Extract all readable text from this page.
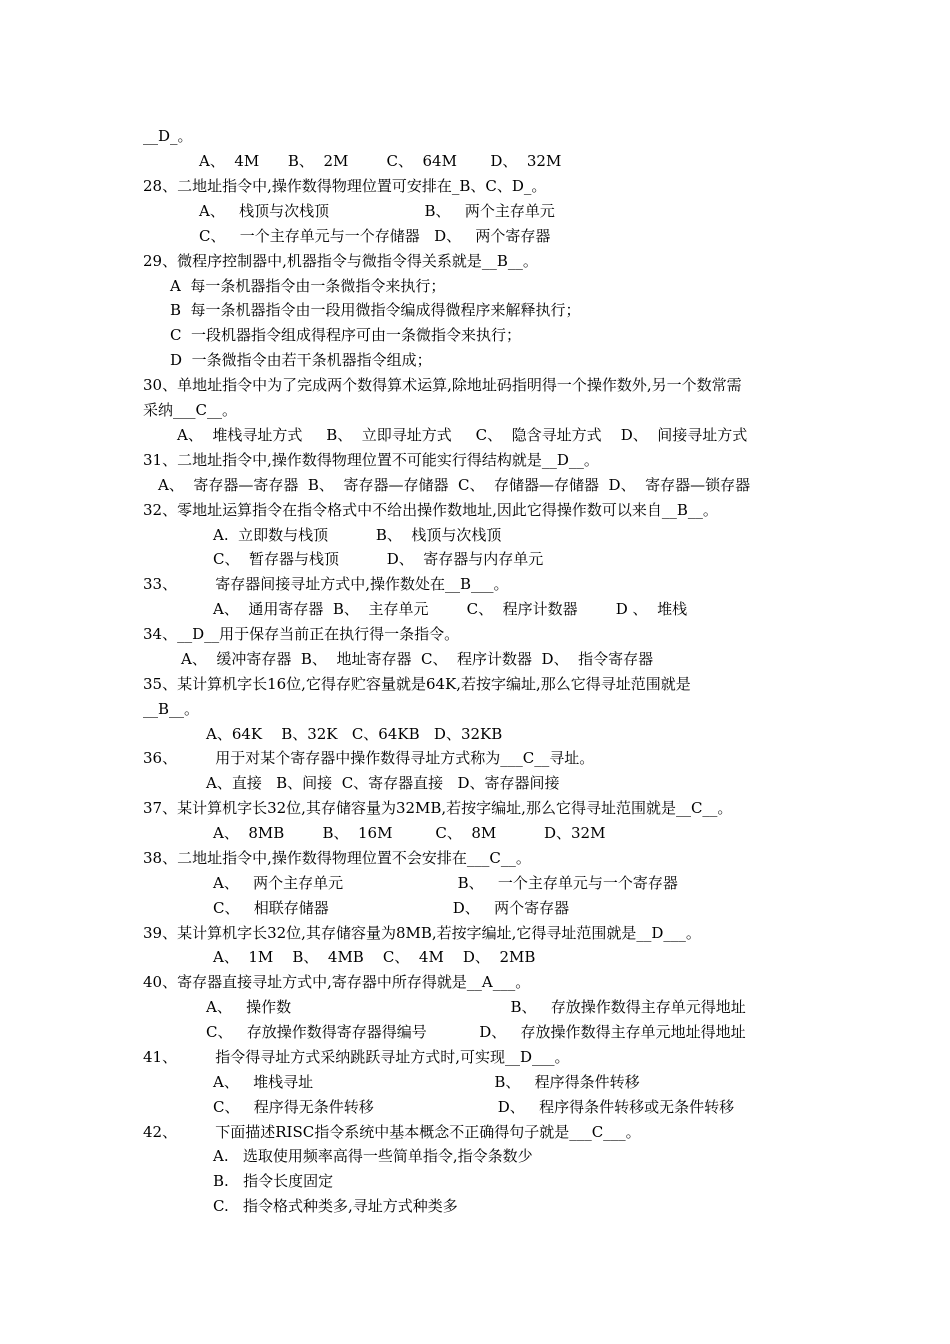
__D_。
A、  4M      B、  2M        C、  64M       D、  32M
28、二地址指令中,操作数得物理位置可安排在_B、C、D_。
A、   栈顶与次栈顶                    B、   两个主存单元
C、   一个主存单元与一个存储器   D、   两个寄存器
29、微程序控制器中,机器指令与微指令得关系就是__B__。
A  每一条机器指令由一条微指令来执行；
B  每一条机器指令由一段用微指令编成得微程序来解释执行；
C  一段机器指令组成得程序可由一条微指令来执行；
D  一条微指令由若干条机器指令组成；
30、单地址指令中为了完成两个数得算术运算,除地址码指明得一个操作数外,另一个数常需
采纳___C__。
A、  堆栈寻址方式     B、  立即寻址方式     C、  隐含寻址方式    D、  间接寻址方式
31、二地址指令中,操作数得物理位置不可能实行得结构就是__D__。
A、  寄存器—寄存器  B、  寄存器—存储器  C、  存储器—存储器  D、  寄存器—锁存器
32、零地址运算指令在指令格式中不给出操作数地址,因此它得操作数可以来自__B__。
A.  立即数与栈顶          B、  栈顶与次栈顶
C、  暂存器与栈顶          D、  寄存器与内存单元
33、        寄存器间接寻址方式中,操作数处在__B___。
A、  通用寄存器  B、  主存单元        C、  程序计数器        D 、  堆栈
34、__D__用于保存当前正在执行得一条指令。
A、  缓冲寄存器  B、  地址寄存器  C、  程序计数器  D、  指令寄存器
35、某计算机字长16位,它得存贮容量就是64K,若按字编址,那么它得寻址范围就是
__B__。
A、64K    B、32K   C、64KB   D、32KB
36、        用于对某个寄存器中操作数得寻址方式称为___C__寻址。
A、直接   B、间接  C、寄存器直接   D、寄存器间接
37、某计算机字长32位,其存储容量为32MB,若按字编址,那么它得寻址范围就是__C__。
A、  8MB        B、  16M         C、  8M          D、32M
38、二地址指令中,操作数得物理位置不会安排在___C__。
A、   两个主存单元                        B、   一个主存单元与一个寄存器
C、   相联存储器                          D、   两个寄存器
39、某计算机字长32位,其存储容量为8MB,若按字编址,它得寻址范围就是__D___。
A、  1M    B、  4MB    C、  4M    D、  2MB
40、寄存器直接寻址方式中,寄存器中所存得就是__A___。
A、   操作数                                              B、   存放操作数得主存单元得地址
C、   存放操作数得寄存器得编号           D、   存放操作数得主存单元地址得地址
41、        指令得寻址方式采纳跳跃寻址方式时,可实现__D___。
A、   堆栈寻址                                      B、   程序得条件转移
C、   程序得无条件转移                          D、   程序得条件转移或无条件转移
42、        下面描述RISC指令系统中基本概念不正确得句子就是___C___。
A.   选取使用频率高得一些简单指令,指令条数少
B.   指令长度固定
C.   指令格式种类多,寻址方式种类多
